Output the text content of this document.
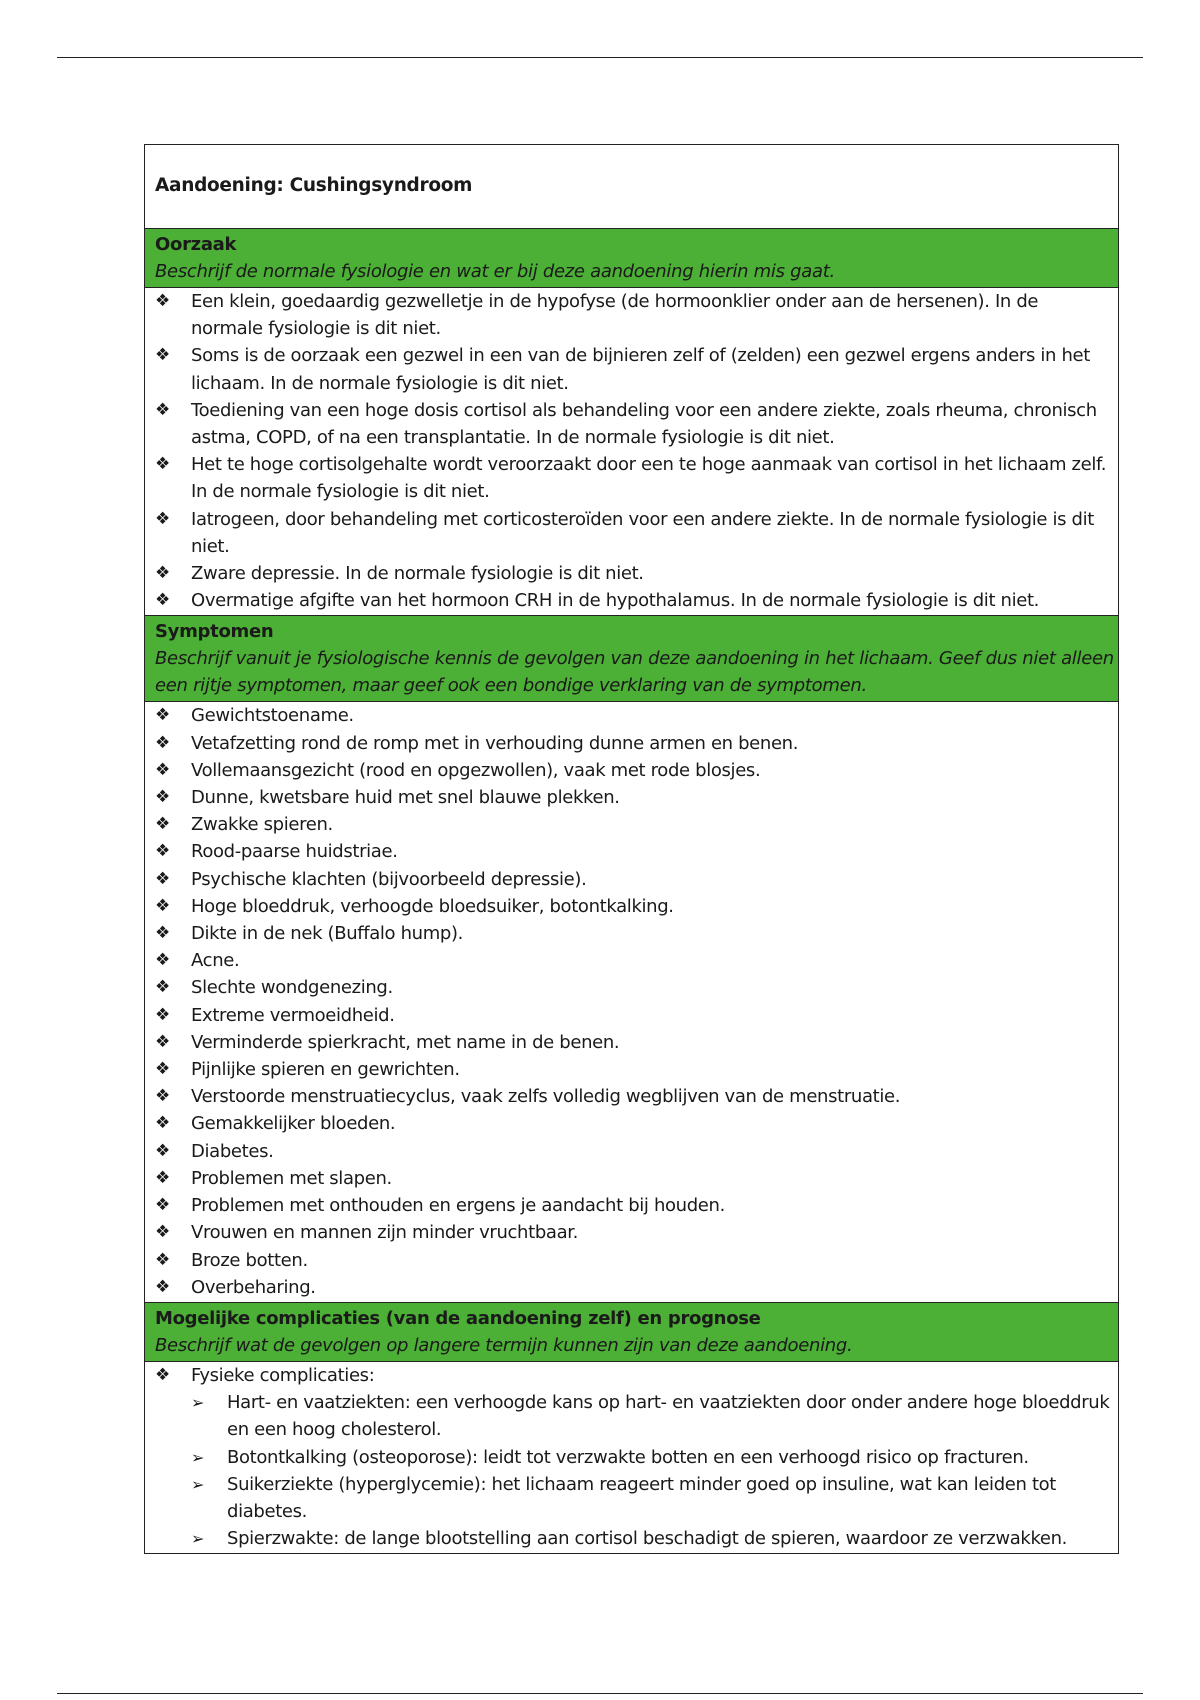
Aandoening: Cushingsyndroom
Oorzaak
Beschrijf de normale fysiologie en wat er bij deze aandoening hierin mis gaat.
❖ Een klein, goedaardig gezwelletje in de hypofyse (de hormoonklier onder aan de hersenen). In de normale fysiologie is dit niet.
❖ Soms is de oorzaak een gezwel in een van de bijnieren zelf of (zelden) een gezwel ergens anders in het lichaam. In de normale fysiologie is dit niet.
❖ Toediening van een hoge dosis cortisol als behandeling voor een andere ziekte, zoals rheuma, chronisch astma, COPD, of na een transplantatie. In de normale fysiologie is dit niet.
❖ Het te hoge cortisolgehalte wordt veroorzaakt door een te hoge aanmaak van cortisol in het lichaam zelf. In de normale fysiologie is dit niet.
❖ Iatrogeen, door behandeling met corticosteroïden voor een andere ziekte. In de normale fysiologie is dit niet.
❖ Zware depressie. In de normale fysiologie is dit niet.
❖ Overmatige afgifte van het hormoon CRH in de hypothalamus. In de normale fysiologie is dit niet.
Symptomen
Beschrijf vanuit je fysiologische kennis de gevolgen van deze aandoening in het lichaam. Geef dus niet alleen een rijtje symptomen, maar geef ook een bondige verklaring van de symptomen.
❖ Gewichtstoename.
❖ Vetafzetting rond de romp met in verhouding dunne armen en benen.
❖ Vollemaansgezicht (rood en opgezwollen), vaak met rode blosjes.
❖ Dunne, kwetsbare huid met snel blauwe plekken.
❖ Zwakke spieren.
❖ Rood-paarse huidstriae.
❖ Psychische klachten (bijvoorbeeld depressie).
❖ Hoge bloeddruk, verhoogde bloedsuiker, botontkalking.
❖ Dikte in de nek (Buffalo hump).
❖ Acne.
❖ Slechte wondgenezing.
❖ Extreme vermoeidheid.
❖ Verminderde spierkracht, met name in de benen.
❖ Pijnlijke spieren en gewrichten.
❖ Verstoorde menstruatiecyclus, vaak zelfs volledig wegblijven van de menstruatie.
❖ Gemakkelijker bloeden.
❖ Diabetes.
❖ Problemen met slapen.
❖ Problemen met onthouden en ergens je aandacht bij houden.
❖ Vrouwen en mannen zijn minder vruchtbaar.
❖ Broze botten.
❖ Overbeharing.
Mogelijke complicaties (van de aandoening zelf) en prognose
Beschrijf wat de gevolgen op langere termijn kunnen zijn van deze aandoening.
❖ Fysieke complicaties:
➢ Hart- en vaatziekten: een verhoogde kans op hart- en vaatziekten door onder andere hoge bloeddruk en een hoog cholesterol.
➢ Botontkalking (osteoporose): leidt tot verzwakte botten en een verhoogd risico op fracturen.
➢ Suikerziekte (hyperglycemie): het lichaam reageert minder goed op insuline, wat kan leiden tot diabetes.
➢ Spierzwakte: de lange blootstelling aan cortisol beschadigt de spieren, waardoor ze verzwakken.
